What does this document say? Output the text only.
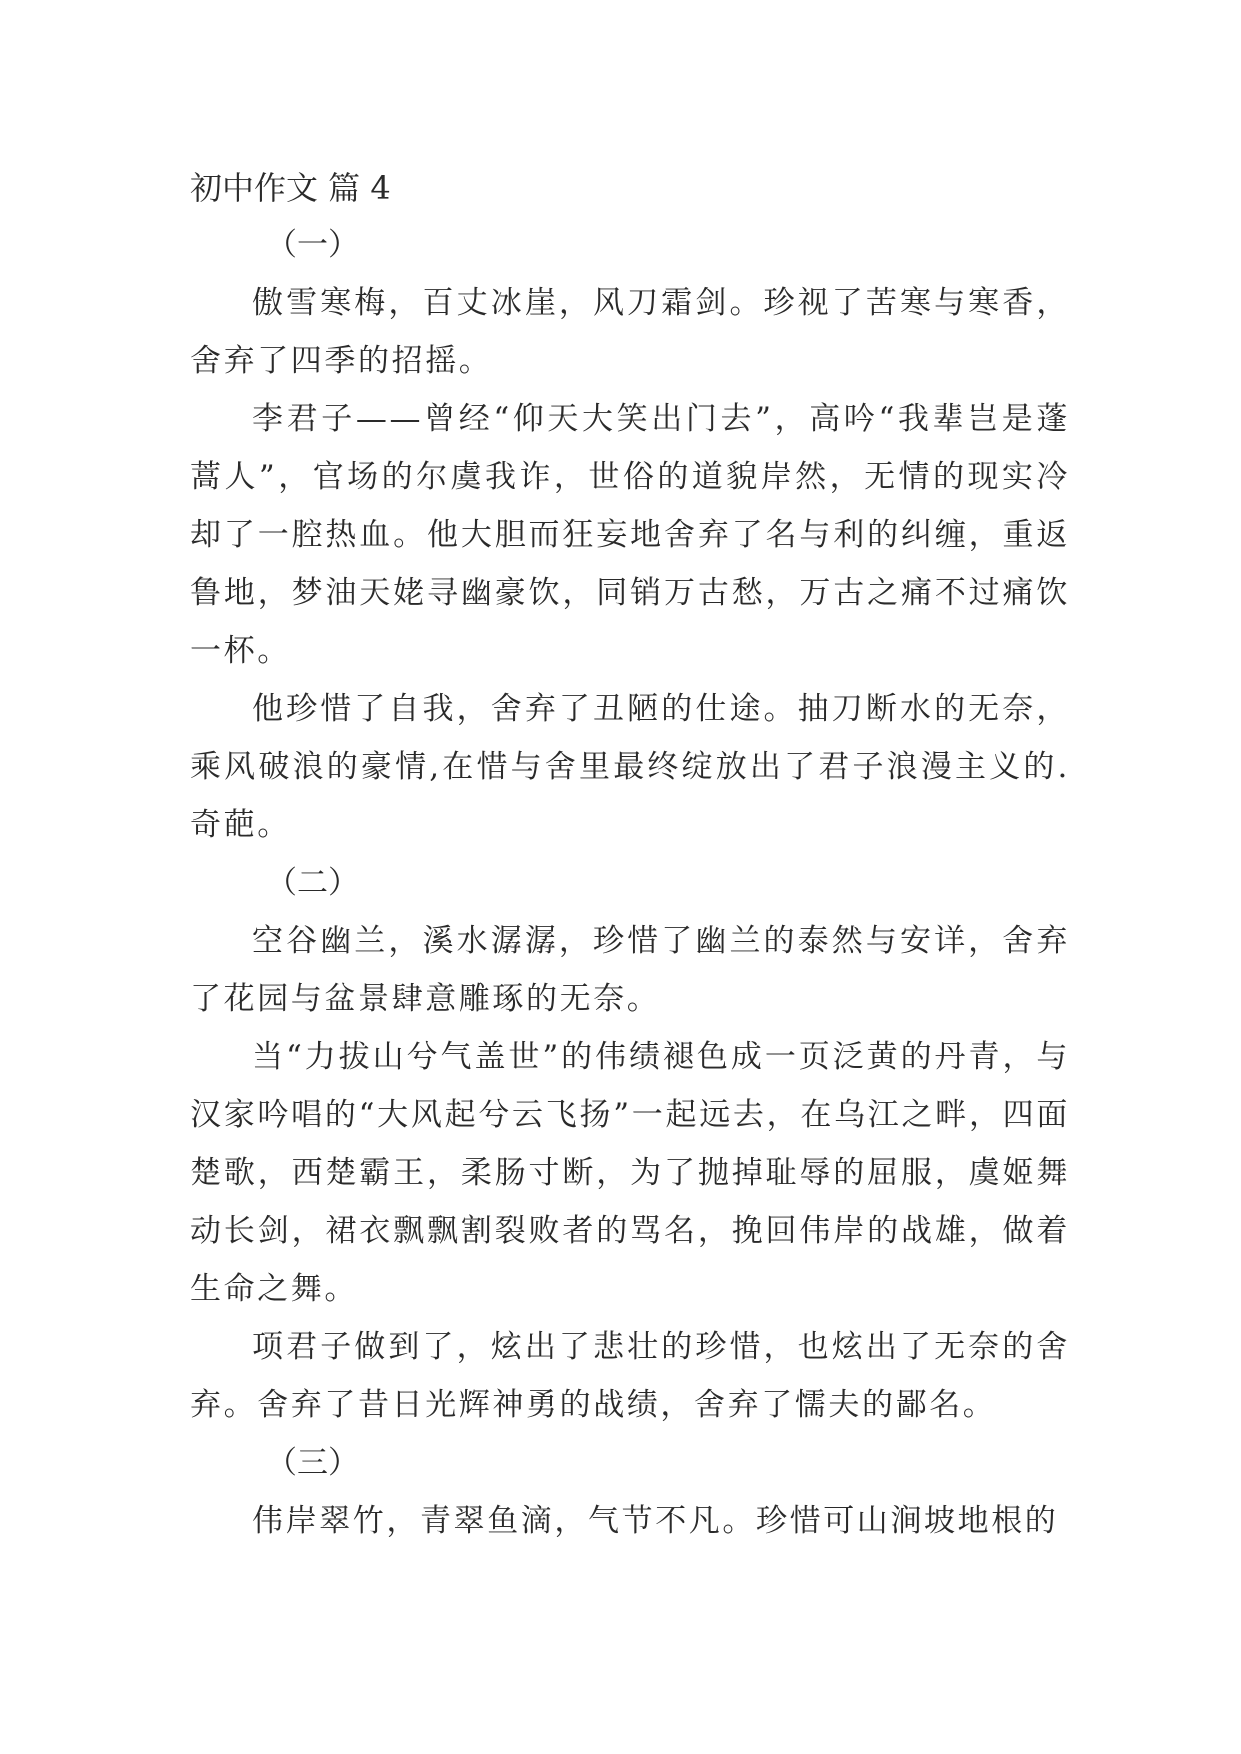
初中作文 篇 4
（一）

傲雪寒梅，百丈冰崖，风刀霜剑。珍视了苦寒与寒香，舍弃了四季的招摇。

李君子——曾经“仰天大笑出门去”，高吟“我辈岂是蓬蒿人”，官场的尔虞我诈，世俗的道貌岸然，无情的现实冷却了一腔热血。他大胆而狂妄地舍弃了名与利的纠缠，重返鲁地，梦油天姥寻幽豪饮，同销万古愁，万古之痛不过痛饮一杯。

他珍惜了自我，舍弃了丑陋的仕途。抽刀断水的无奈，乘风破浪的豪情,在惜与舍里最终绽放出了君子浪漫主义的.奇葩。

（二）

空谷幽兰，溪水潺潺，珍惜了幽兰的泰然与安详，舍弃了花园与盆景肆意雕琢的无奈。

当“力拔山兮气盖世”的伟绩褪色成一页泛黄的丹青，与汉家吟唱的“大风起兮云飞扬”一起远去，在乌江之畔，四面楚歌，西楚霸王，柔肠寸断，为了抛掉耻辱的屈服，虞姬舞动长剑，裙衣飘飘割裂败者的骂名，挽回伟岸的战雄，做着生命之舞。

项君子做到了，炫出了悲壮的珍惜，也炫出了无奈的舍弃。舍弃了昔日光辉神勇的战绩，舍弃了懦夫的鄙名。

（三）

伟岸翠竹，青翠鱼滴，气节不凡。珍惜可山涧坡地根的
